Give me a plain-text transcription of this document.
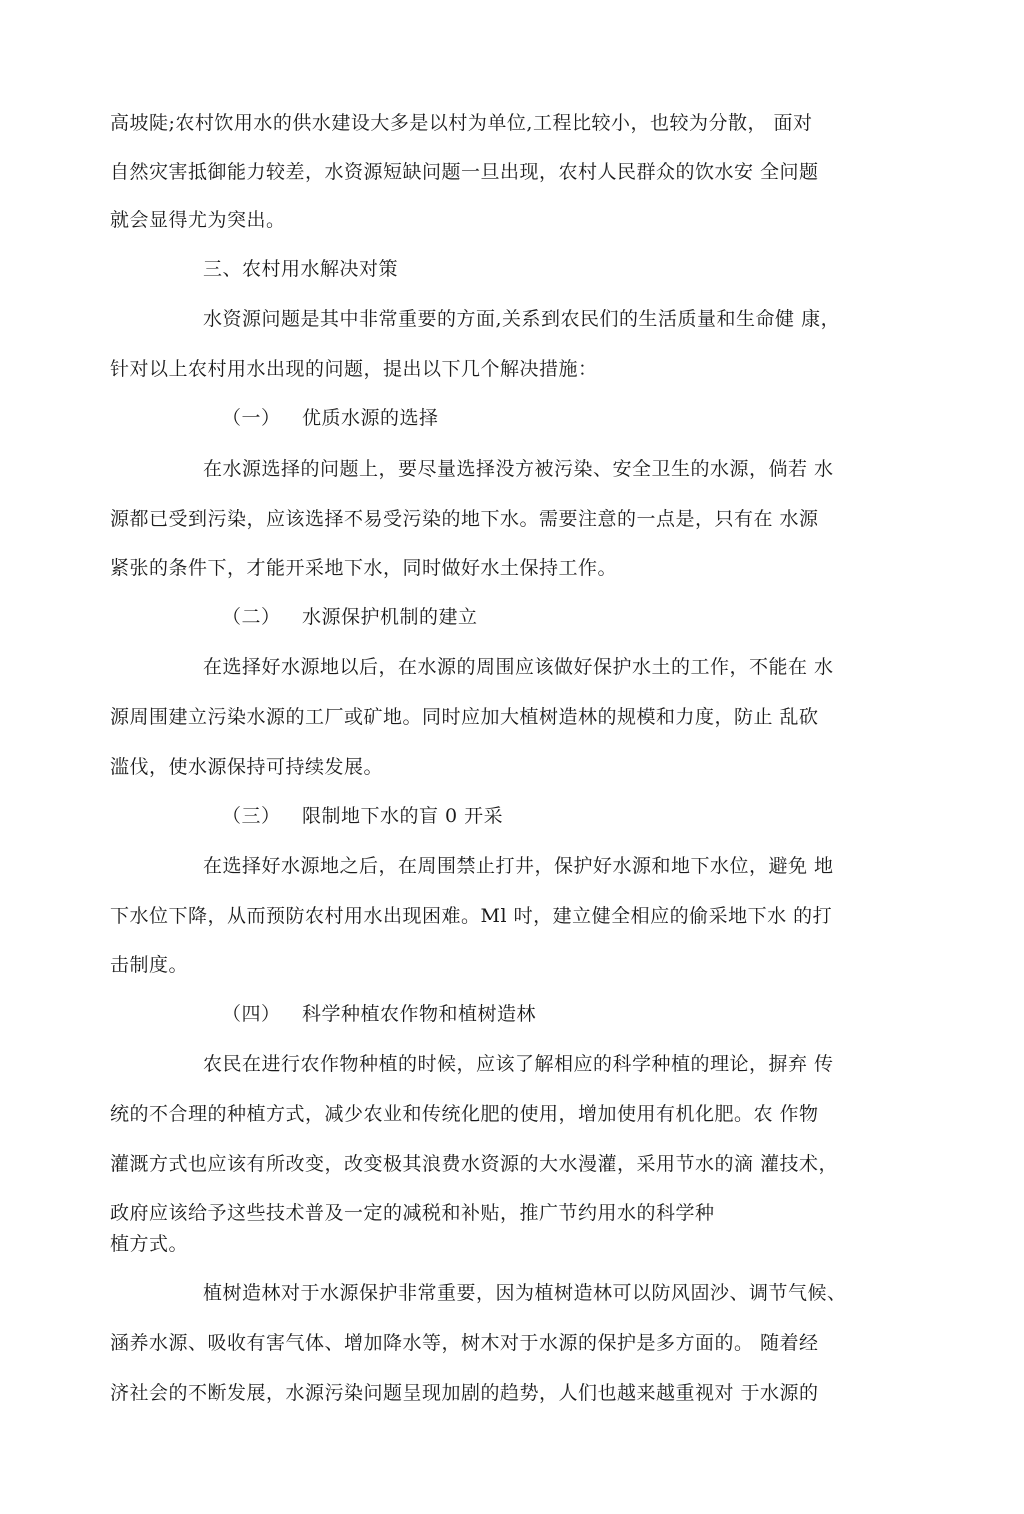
高坡陡;农村饮用水的供水建设大多是以村为单位,工程比较小，也较为分散， 面对
自然灾害抵御能力较差，水资源短缺问题一旦出现，农村人民群众的饮水安 全问题
就会显得尤为突出。
三、农村用水解决对策
水资源问题是其中非常重要的方面,关系到农民们的生活质量和生命健 康，
针对以上农村用水出现的问题，提出以下几个解决措施：
（一） 优质水源的选择
在水源选择的问题上，要尽量选择没方被污染、安全卫生的水源，倘若 水
源都已受到污染，应该选择不易受污染的地下水。需要注意的一点是，只有在 水源
紧张的条件下，才能开采地下水，同时做好水土保持工作。
（二） 水源保护机制的建立
在选择好水源地以后，在水源的周围应该做好保护水土的工作，不能在 水
源周围建立污染水源的工厂或矿地。同时应加大植树造林的规模和力度，防止 乱砍
滥伐，使水源保持可持续发展。
（三） 限制地下水的盲 0 开采
在选择好水源地之后，在周围禁止打井，保护好水源和地下水位，避免 地
下水位下降，从而预防农村用水出现困难。Ml 吋，建立健全相应的偷采地下水 的打
击制度。
（四） 科学种植农作物和植树造林
农民在进行农作物种植的时候，应该了解相应的科学种植的理论，摒弃 传
统的不合理的种植方式，减少农业和传统化肥的使用，增加使用有机化肥。农 作物
灌溉方式也应该有所改变，改变极其浪费水资源的大水漫灌，采用节水的滴 灌技术，
政府应该给予这些技术普及一定的减税和补贴，推广节约用水的科学种
植方式。
植树造林对于水源保护非常重要，因为植树造林可以防风固沙、调节气候、
涵养水源、吸收有害气体、增加降水等，树木对于水源的保护是多方面的。 随着经
济社会的不断发展，水源污染问题呈现加剧的趋势，人们也越来越重视对 于水源的
